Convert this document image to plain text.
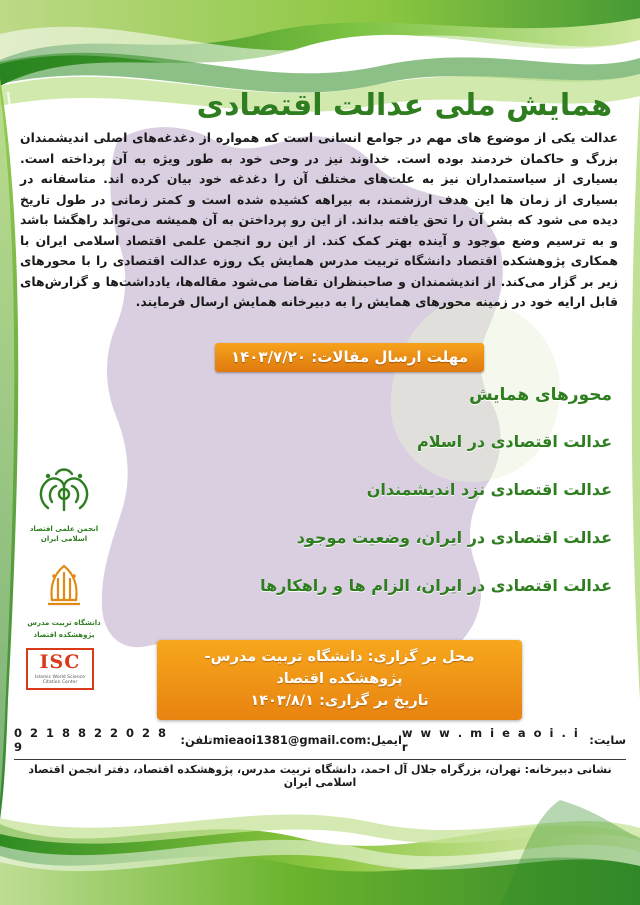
همایش ملی عدالت اقتصادی
عدالت یکی از موضوع های مهم در جوامع انسانی است که همواره از دغدغه‌های اصلی اندیشمندان بزرگ و حاکمان خردمند بوده است. خداوند نیز در وحی خود به طور ویژه به آن پرداخته است. بسیاری از سیاستمداران نیز به علت‌های مختلف آن را دغدغه خود بیان کرده اند. متاسفانه در بسیاری از زمان ها این هدف ارزشمند، به بیراهه کشیده شده است و کمتر زمانی در طول تاریخ دیده می شود که بشر آن را تحق یافته بداند. از این رو پرداختن به آن همیشه می‌تواند راهگشا باشد و به ترسیم وضع موجود و آینده بهتر کمک کند. از این رو انجمن علمی اقتصاد اسلامی ایران با همکاری پژوهشکده اقتصاد دانشگاه تربیت مدرس همایش یک روزه عدالت اقتصادی را با محورهای زیر بر گزار می‌کند. از اندیشمندان و صاحبنظران تقاضا می‌شود مقاله‌ها، یادداشت‌ها و گزارش‌های قابل ارایه خود در زمینه محورهای همایش را به دبیرخانه همایش ارسال فرمایند.
مهلت ارسال مقالات: ۱۴۰۳/۷/۲۰
محورهای همایش
عدالت اقتصادی در اسلام
عدالت اقتصادی نزد اندیشمندان
عدالت اقتصادی در ایران، وضعیت موجود
عدالت اقتصادی در ایران، الزام ها و راهکارها
محل بر گزاری: دانشگاه تربیت مدرس- پژوهشکده اقتصاد
تاریخ بر گزاری: ۱۴۰۳/۸/۱
انجمن علمی اقتصاد اسلامی ایران
دانشگاه تربیت مدرس
پژوهشکده اقتصاد
ISC
Islamic World Science Citation Center
سایت:
w w w . m i e a o i . i r
ایمیل:
mieaoi1381@gmail.com
تلفن:
0 2 1 8 8 2 2 0 2 8 9
نشانی دبیرخانه: تهران، بزرگراه جلال آل احمد، دانشگاه تربیت مدرس، پژوهشکده اقتصاد، دفتر انجمن اقتصاد اسلامی ایران
